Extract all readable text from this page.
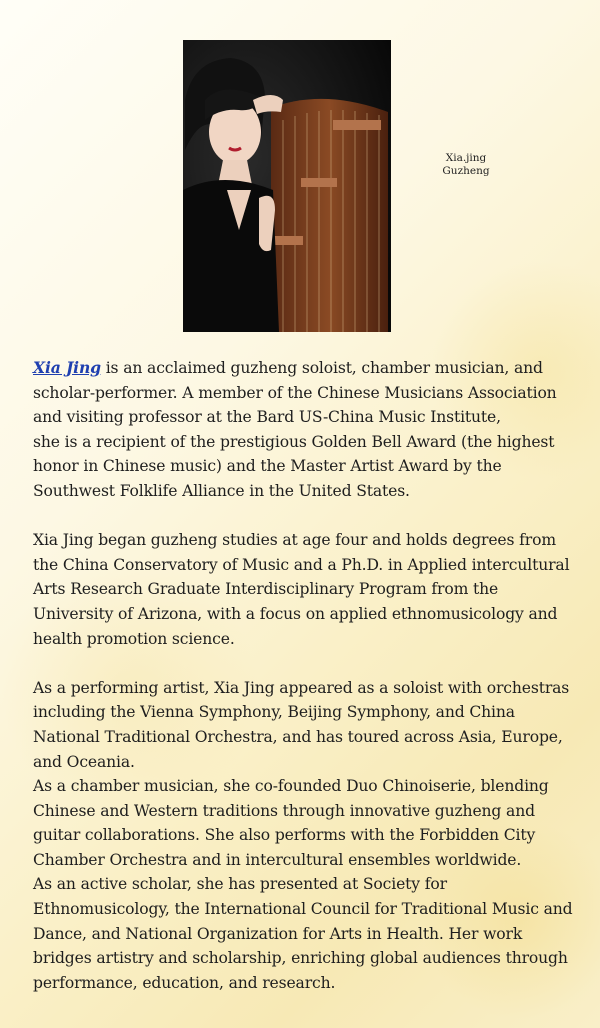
Xia.jing
Guzheng

Xia Jing is an acclaimed guzheng soloist, chamber musician, and scholar-performer. A member of the Chinese Musicians Association and visiting professor at the Bard US-China Music Institute,

she is a recipient of the prestigious Golden Bell Award (the highest honor in Chinese music) and the Master Artist Award by the Southwest Folklife Alliance in the United States.

Xia Jing began guzheng studies at age four and holds degrees from the China Conservatory of Music and a Ph.D. in Applied intercultural Arts Research Graduate Interdisciplinary Program from the University of Arizona, with a focus on applied ethnomusicology and health promotion science.

As a performing artist, Xia Jing appeared as a soloist with orchestras including the Vienna Symphony, Beijing Symphony, and China National Traditional Orchestra, and has toured across Asia, Europe, and Oceania.

As a chamber musician, she co-founded Duo Chinoiserie, blending Chinese and Western traditions through innovative guzheng and guitar collaborations. She also performs with the Forbidden City Chamber Orchestra and in intercultural ensembles worldwide.

As an active scholar, she has presented at Society for Ethnomusicology, the International Council for Traditional Music and Dance, and National Organization for Arts in Health. Her work bridges artistry and scholarship, enriching global audiences through performance, education, and research.
